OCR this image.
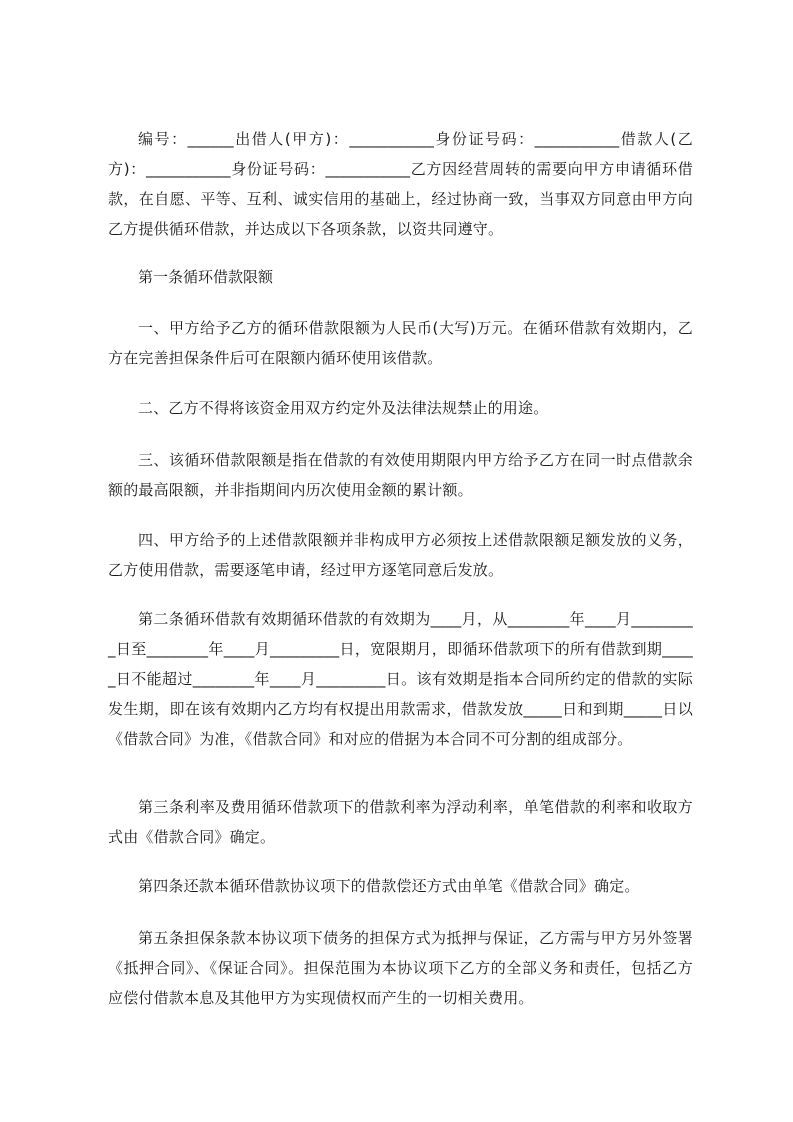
编号：______出借人(甲方)：___________身份证号码：___________借款人(乙方)：___________身份证号码：___________乙方因经营周转的需要向甲方申请循环借款，在自愿、平等、互利、诚实信用的基础上，经过协商一致，当事双方同意由甲方向乙方提供循环借款，并达成以下各项条款，以资共同遵守。

第一条循环借款限额

一、甲方给予乙方的循环借款限额为人民币(大写)万元。在循环借款有效期内，乙方在完善担保条件后可在限额内循环使用该借款。

二、乙方不得将该资金用双方约定外及法律法规禁止的用途。

三、该循环借款限额是指在借款的有效使用期限内甲方给予乙方在同一时点借款余额的最高限额，并非指期间内历次使用金额的累计额。

四、甲方给予的上述借款限额并非构成甲方必须按上述借款限额足额发放的义务，乙方使用借款，需要逐笔申请，经过甲方逐笔同意后发放。

第二条循环借款有效期循环借款的有效期为____月，从________年____月_________日至________年____月_________日，宽限期月，即循环借款项下的所有借款到期_____日不能超过________年____月_________日。该有效期是指本合同所约定的借款的实际发生期，即在该有效期内乙方均有权提出用款需求，借款发放_____日和到期_____日以《借款合同》为准，《借款合同》和对应的借据为本合同不可分割的组成部分。

第三条利率及费用循环借款项下的借款利率为浮动利率，单笔借款的利率和收取方式由《借款合同》确定。

第四条还款本循环借款协议项下的借款偿还方式由单笔《借款合同》确定。

第五条担保条款本协议项下债务的担保方式为抵押与保证，乙方需与甲方另外签署《抵押合同》、《保证合同》。担保范围为本协议项下乙方的全部义务和责任，包括乙方应偿付借款本息及其他甲方为实现债权而产生的一切相关费用。
